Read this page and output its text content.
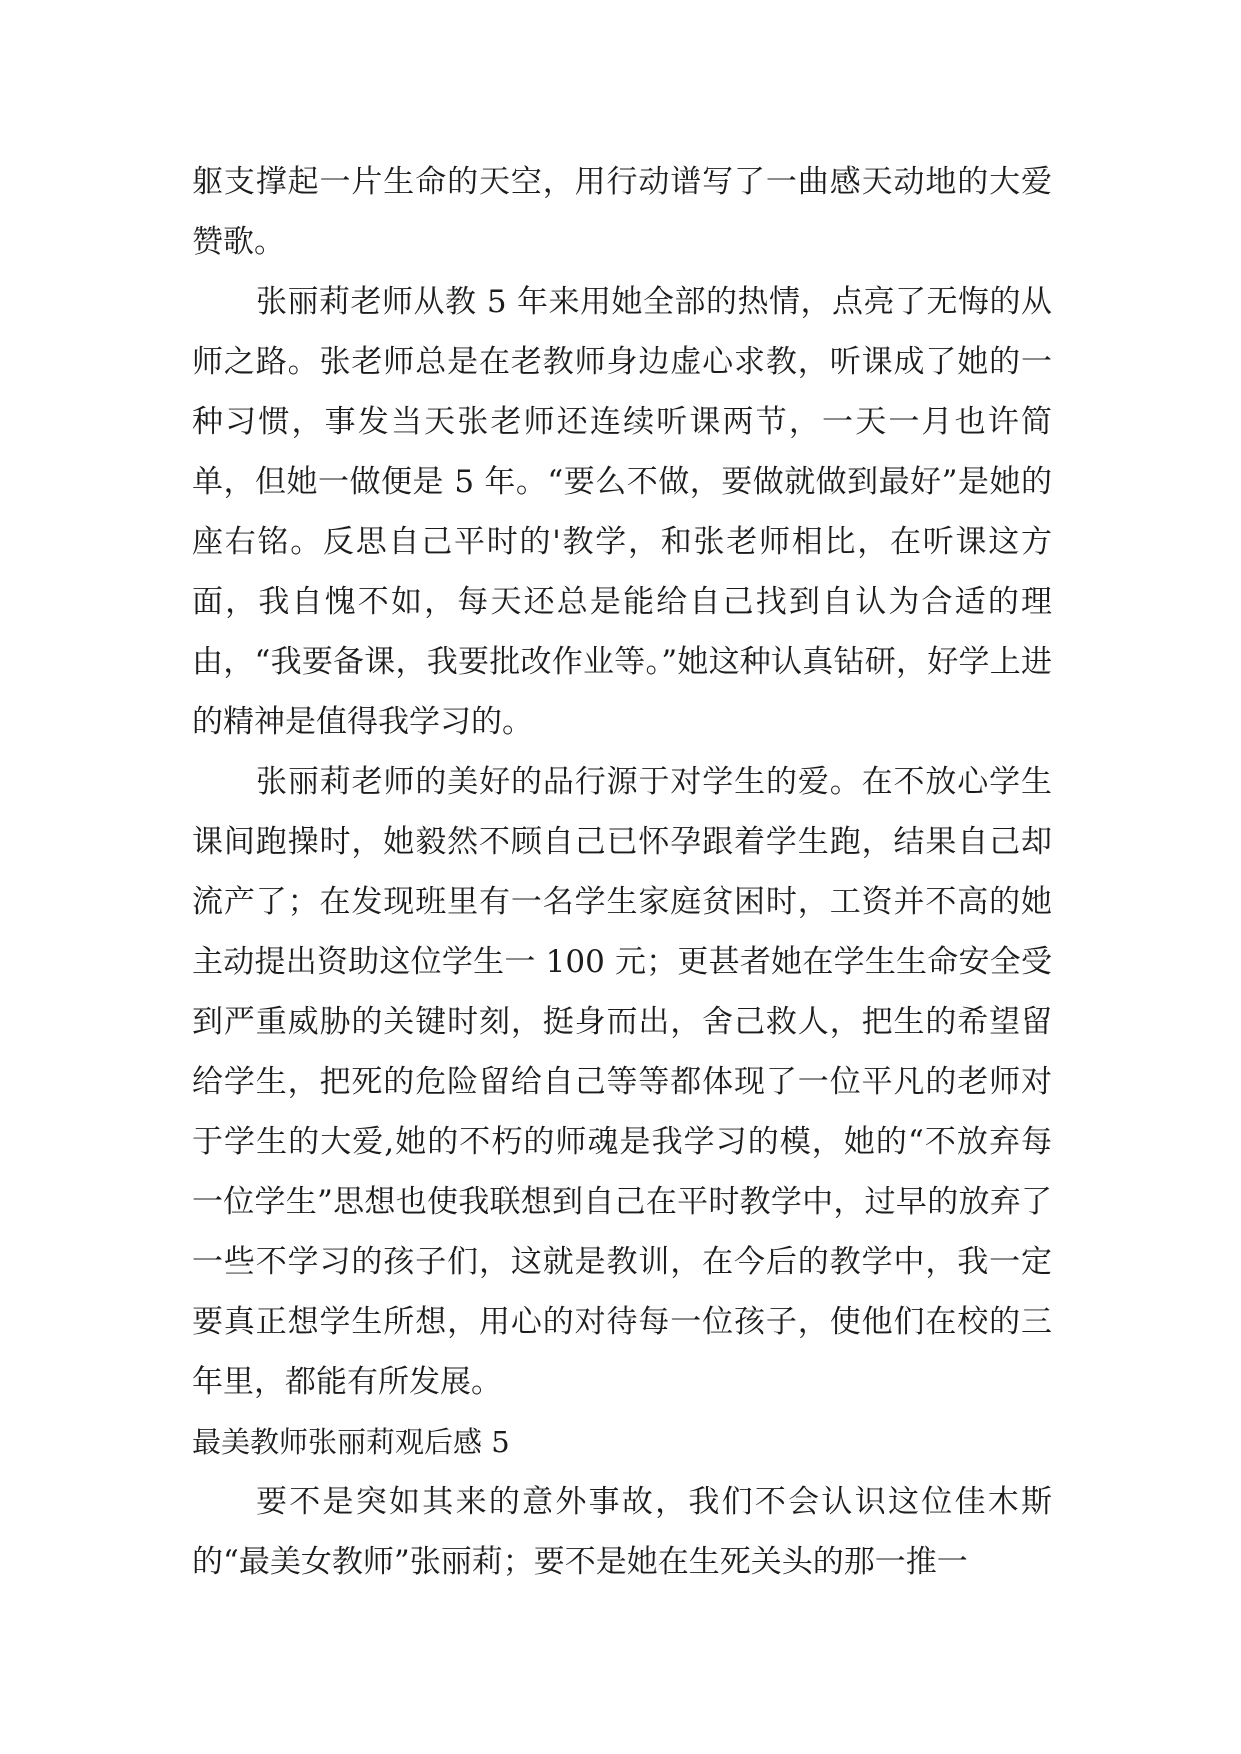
躯支撑起一片生命的天空，用行动谱写了一曲感天动地的大爱赞歌。

张丽莉老师从教 5 年来用她全部的热情，点亮了无悔的从师之路。张老师总是在老教师身边虚心求教，听课成了她的一种习惯，事发当天张老师还连续听课两节，一天一月也许简单，但她一做便是 5 年。“要么不做，要做就做到最好”是她的座右铭。反思自己平时的'教学，和张老师相比，在听课这方面，我自愧不如，每天还总是能给自己找到自认为合适的理由，“我要备课，我要批改作业等。”她这种认真钻研，好学上进的精神是值得我学习的。

张丽莉老师的美好的品行源于对学生的爱。在不放心学生课间跑操时，她毅然不顾自己已怀孕跟着学生跑，结果自己却流产了；在发现班里有一名学生家庭贫困时，工资并不高的她主动提出资助这位学生一 100 元；更甚者她在学生生命安全受到严重威胁的关键时刻，挺身而出，舍己救人，把生的希望留给学生，把死的危险留给自己等等都体现了一位平凡的老师对于学生的大爱,她的不朽的师魂是我学习的模，她的“不放弃每一位学生”思想也使我联想到自己在平时教学中，过早的放弃了一些不学习的孩子们，这就是教训，在今后的教学中，我一定要真正想学生所想，用心的对待每一位孩子，使他们在校的三年里，都能有所发展。

最美教师张丽莉观后感 5

要不是突如其来的意外事故，我们不会认识这位佳木斯的“最美女教师”张丽莉；要不是她在生死关头的那一推一
